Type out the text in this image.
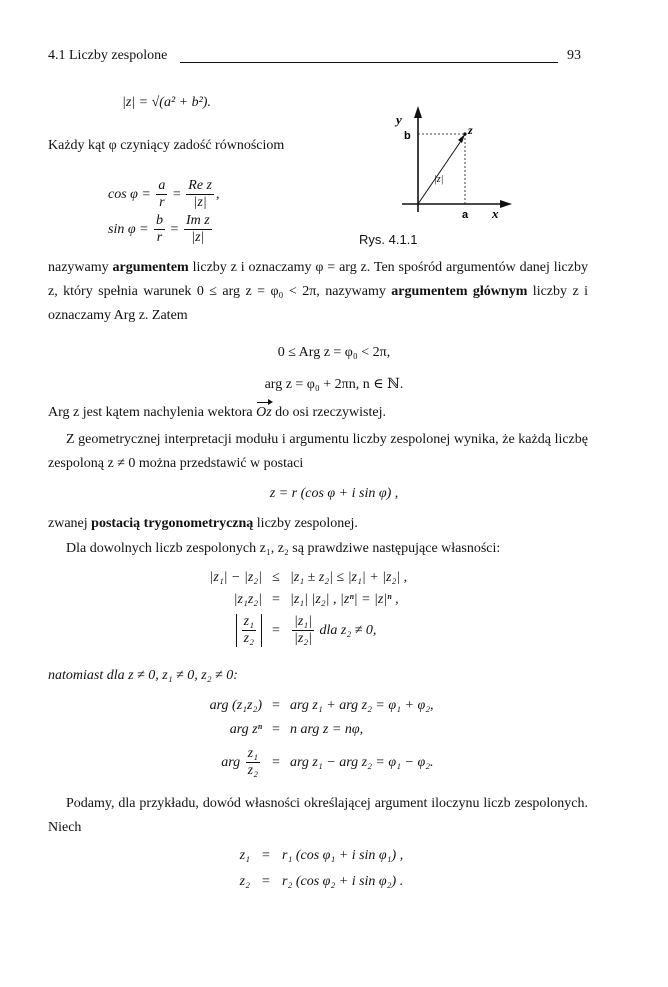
4.1 Liczby zespolone	93
|z| = √(a² + b²).
Każdy kąt φ czyniący zadość równościom
$\cos \varphi = \frac{a}{r} = \frac{\text{Re z}}{|z|}$ ,
$\sin \varphi = \frac{b}{r} = \frac{\text{Im z}}{|z|}$
y
b	z
|z|
a x
Rys. 4.1.1
nazywamy argumentem liczby z i oznaczamy φ = arg z. Ten spośród argumentów danej liczby z, który spełnia warunek 0 ≤ arg z = φ₀ < 2π, nazywamy argumentem głównym liczby z i oznaczamy Arg z. Zatem
0 ≤ Arg z = φ₀ < 2π,
arg z = φ₀ + 2πn, n ∈ ℕ.
Arg z jest kątem nachylenia wektora Oz do osi rzeczywistej.
Z geometrycznej interpretacji modułu i argumentu liczby zespolonej wynika, że każdą liczbę zespoloną z ≠ 0 można przedstawić w postaci
z = r (cos φ + i sin φ) ,
zwanej postacią trygonometryczną liczby zespolonej.
Dla dowolnych liczb zespolonych z₁, z₂ są prawdziwe następujące własności:
|z₁| − |z₂| ≤ |z₁ ± z₂| ≤ |z₁| + |z₂| ,
|z₁z₂| = |z₁| |z₂| , |zⁿ| = |z|ⁿ ,
$\frac{\text{z₁}}{\text{z₂}}$	= $\frac{\text{|z₁|}}{\text{|z₂|}}$ dla z₂ ≠ 0,
natomiast dla z ≠ 0, z₁ ≠ 0, z₂ ≠ 0:
arg (z₁z₂) = arg z₁ + arg z₂ = φ₁ + φ₂,
arg zⁿ = n arg z = nφ,
arg $\frac{\text{z₁}}{\text{z₂}}$ = arg z₁ − arg z₂ = φ₁ − φ₂.
Podamy, dla przykładu, dowód własności określającej argument iloczynu liczb zespolonych. Niech
z₁ = r₁ (cos φ₁ + i sin φ₁) ,
z₂ = r₂ (cos φ₂ + i sin φ₂) .
